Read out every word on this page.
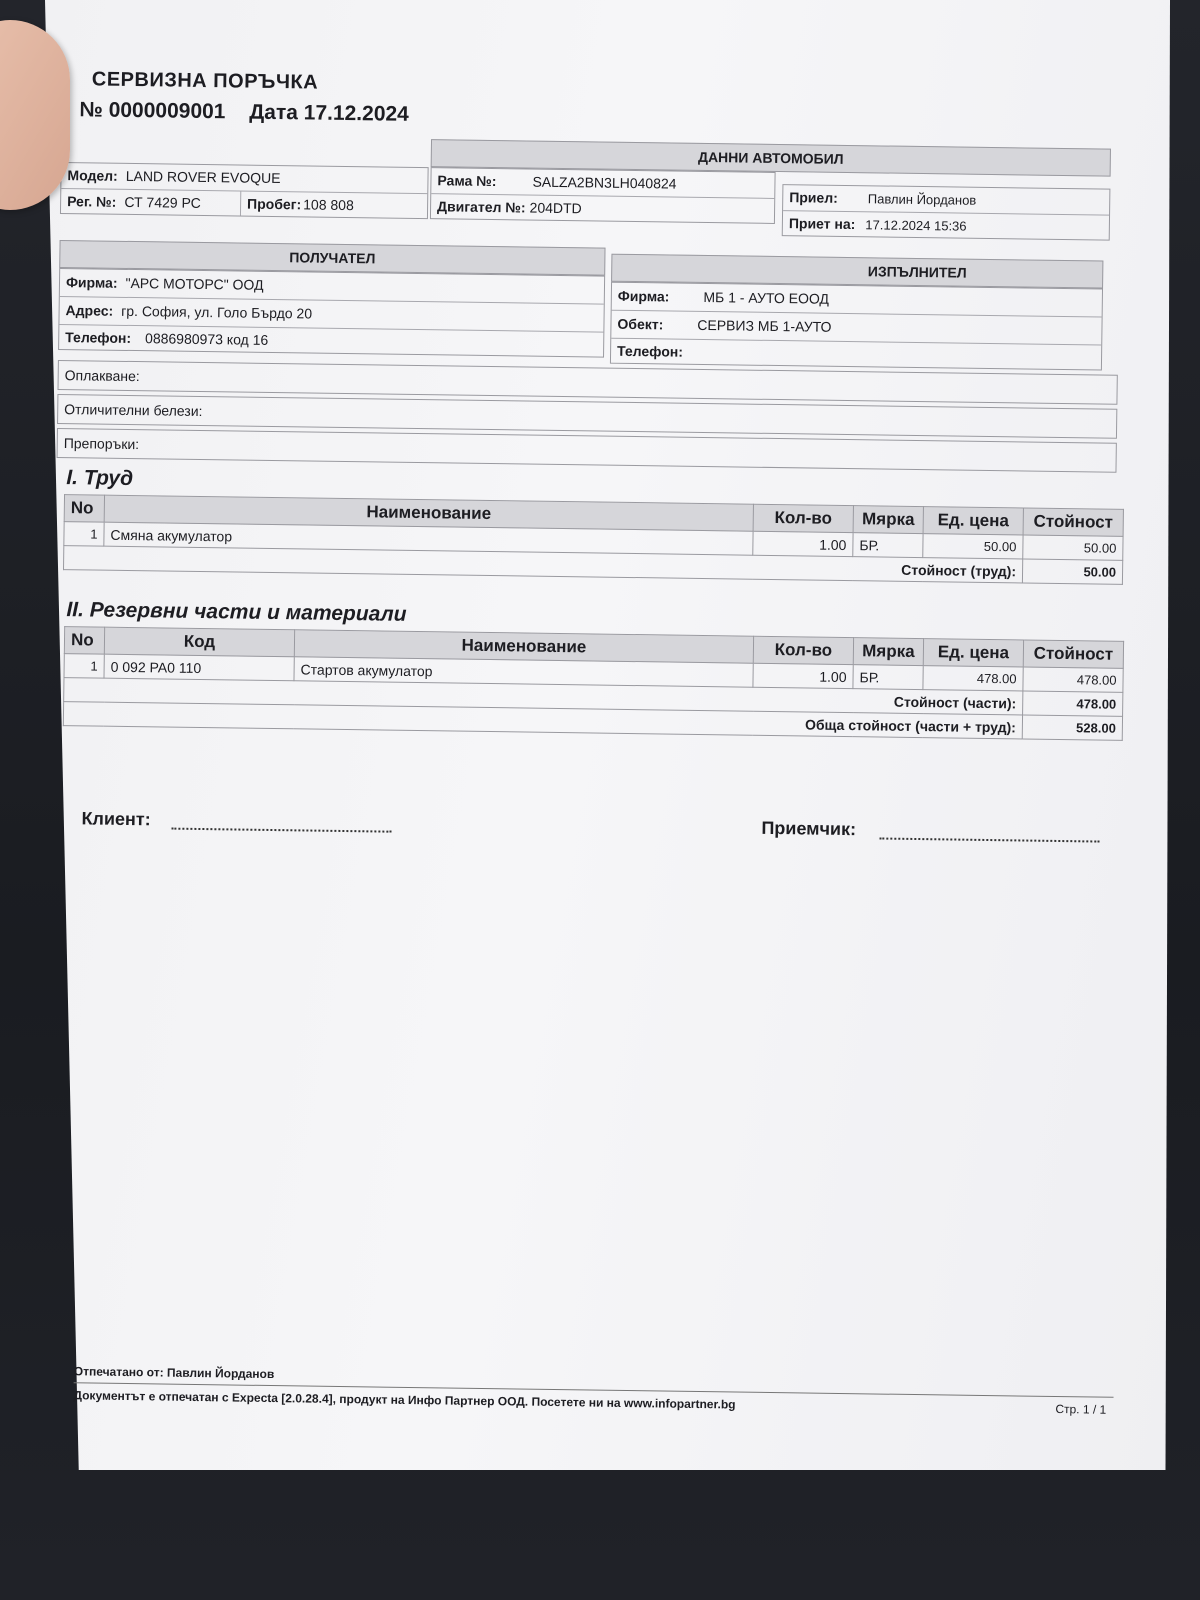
СЕРВИЗНА ПОРЪЧКА
№ 0000009001 Дата 17.12.2024
ДАННИ АВТОМОБИЛ
Модел: LAND ROVER EVOQUE
Рег. №: СТ 7429 РС	Пробег: 108 808
Рама №:	SALZA2BN3LH040824
Двигател №: 204DTD
Приел: Павлин Йорданов
Приет на: 17.12.2024 15:36
ПОЛУЧАТЕЛ
Фирма: "АРС МОТОРС" ООД
Адрес: гр. София, ул. Голо Бърдо 20
Телефон: 0886980973 код 16
ИЗПЪЛНИТЕЛ
Фирма: МБ 1 - АУТО ЕООД
Обект: СЕРВИЗ МБ 1-АУТО
Телефон:
Оплакване:
Отличителни белези:
Препоръки:
I. Труд
No	Наименование	Кол-во	Мярка	Ед. цена	Стойност
1	Смяна акумулатор	1.00	БР.	50.00	50.00
Стойност (труд):					50.00
II. Резервни части и материали
No	Код	Наименование	Кол-во	Мярка	Ед. цена	Стойност
1	0 092 PA0 110	Стартов акумулатор	1.00	БР.	478.00	478.00
Стойност (части):						478.00
Обща стойност (части + труд):						528.00
Клиент:	Приемчик:
Отпечатано от: Павлин Йорданов
Документът е отпечатан с Expecta [2.0.28.4], продукт на Инфо Партнер ООД. Посетете ни на www.infopartner.bg	Стр. 1 / 1
